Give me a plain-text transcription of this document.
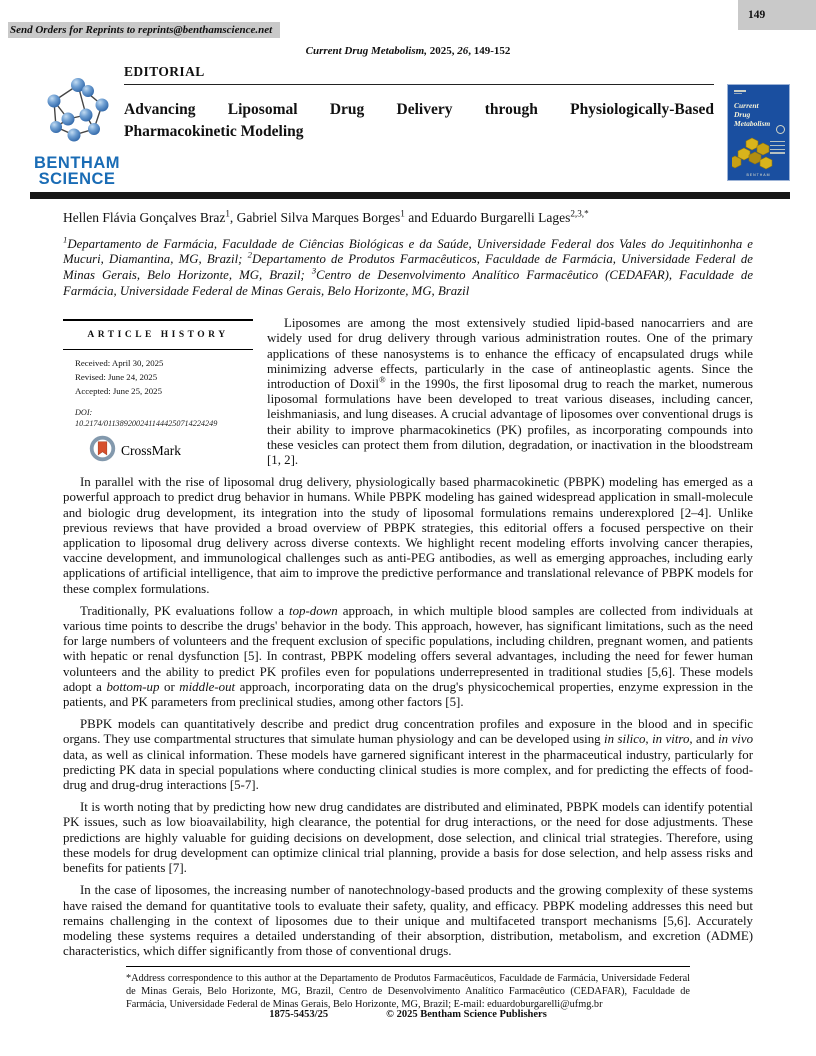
149
Send Orders for Reprints to reprints@benthamscience.net
Current Drug Metabolism, 2025, 26, 149-152
BENTHAM
SCIENCE
EDITORIAL
Advancing Liposomal Drug Delivery through Physiologically-Based
Pharmacokinetic Modeling
Current
Drug
Metabolism
BENTHAM
Hellen Flávia Gonçalves Braz$^1$, Gabriel Silva Marques Borges$^1$ and Eduardo Burgarelli Lages$^{2,3,*}$
$^1$Departamento de Farmácia, Faculdade de Ciências Biológicas e da Saúde, Universidade Federal dos Vales do Jequitinhonha e Mucuri, Diamantina, MG, Brazil; $^2$Departamento de Produtos Farmacêuticos, Faculdade de Farmácia, Universidade Federal de Minas Gerais, Belo Horizonte, MG, Brazil; $^3$Centro de Desenvolvimento Analítico Farmacêutico (CEDAFAR), Faculdade de Farmácia, Universidade Federal de Minas Gerais, Belo Horizonte, MG, Brazil
ARTICLE HISTORY
Received: April 30, 2025
Revised: June 24, 2025
Accepted: June 25, 2025
DOI:
10.2174/0113892002411444250714224249
CrossMark

Liposomes are among the most extensively studied lipid-based nanocarriers and are widely used for drug delivery through various administration routes. One of the primary applications of these nanosystems is to enhance the efficacy of encapsulated drugs while minimizing adverse effects, particularly in the case of antineoplastic agents. Since the introduction of Doxil® in the 1990s, the first liposomal drug to reach the market, numerous liposomal formulations have been developed to treat various diseases, including cancer, leishmaniasis, and lung diseases. A crucial advantage of liposomes over conventional drugs is their ability to improve pharmacokinetics (PK) profiles, as incorporating compounds into these vesicles can protect them from dilution, degradation, or inactivation in the bloodstream [1, 2].

In parallel with the rise of liposomal drug delivery, physiologically based pharmacokinetic (PBPK) modeling has emerged as a powerful approach to predict drug behavior in humans. While PBPK modeling has gained widespread application in small-molecule and biologic drug development, its integration into the study of liposomal formulations remains underexplored [2–4]. Unlike previous reviews that have provided a broad overview of PBPK strategies, this editorial offers a focused perspective on their application to liposomal drug delivery across diverse contexts. We highlight recent modeling efforts involving cancer therapies, vaccine development, and immunological challenges such as anti-PEG antibodies, as well as emerging approaches, including early applications of artificial intelligence, that aim to improve the predictive performance and translational relevance of PBPK models for these complex formulations.

Traditionally, PK evaluations follow a top-down approach, in which multiple blood samples are collected from individuals at various time points to describe the drugs' behavior in the body. This approach, however, has significant limitations, such as the need for large numbers of volunteers and the frequent exclusion of specific populations, including children, pregnant women, and patients with hepatic or renal dysfunction [5]. In contrast, PBPK modeling offers several advantages, including the need for fewer human volunteers and the ability to predict PK profiles even for populations underrepresented in traditional studies [5,6]. These models adopt a bottom-up or middle-out approach, incorporating data on the drug's physicochemical properties, enzyme expression in the patients, and PK parameters from preclinical studies, among other factors [5].

PBPK models can quantitatively describe and predict drug concentration profiles and exposure in the blood and in specific organs. They use compartmental structures that simulate human physiology and can be developed using in silico, in vitro, and in vivo data, as well as clinical information. These models have garnered significant interest in the pharmaceutical industry, particularly for predicting PK data in special populations where conducting clinical studies is more complex, and for predicting the effects of food-drug and drug-drug interactions [5-7].

It is worth noting that by predicting how new drug candidates are distributed and eliminated, PBPK models can identify potential PK issues, such as low bioavailability, high clearance, the potential for drug interactions, or the need for dose adjustments. These predictions are highly valuable for guiding decisions on development, dose selection, and clinical trial strategies. Therefore, using these models for drug development can optimize clinical trial planning, provide a basis for dose selection, and help assess risks and benefits for patients [7].

In the case of liposomes, the increasing number of nanotechnology-based products and the growing complexity of these systems have raised the demand for quantitative tools to evaluate their safety, quality, and efficacy. PBPK modeling addresses this need but remains challenging in the context of liposomes due to their unique and multifaceted transport mechanisms [5,6]. Accurately modeling these systems requires a detailed understanding of their absorption, distribution, metabolism, and excretion (ADME) characteristics, which differ significantly from those of conventional drugs.

*Address correspondence to this author at the Departamento de Produtos Farmacêuticos, Faculdade de Farmácia, Universidade Federal de Minas Gerais, Belo Horizonte, MG, Brazil, Centro de Desenvolvimento Analítico Farmacêutico (CEDAFAR), Faculdade de Farmácia, Universidade Federal de Minas Gerais, Belo Horizonte, MG, Brazil; E-mail: eduardoburgarelli@ufmg.br
1875-5453/25	© 2025 Bentham Science Publishers
